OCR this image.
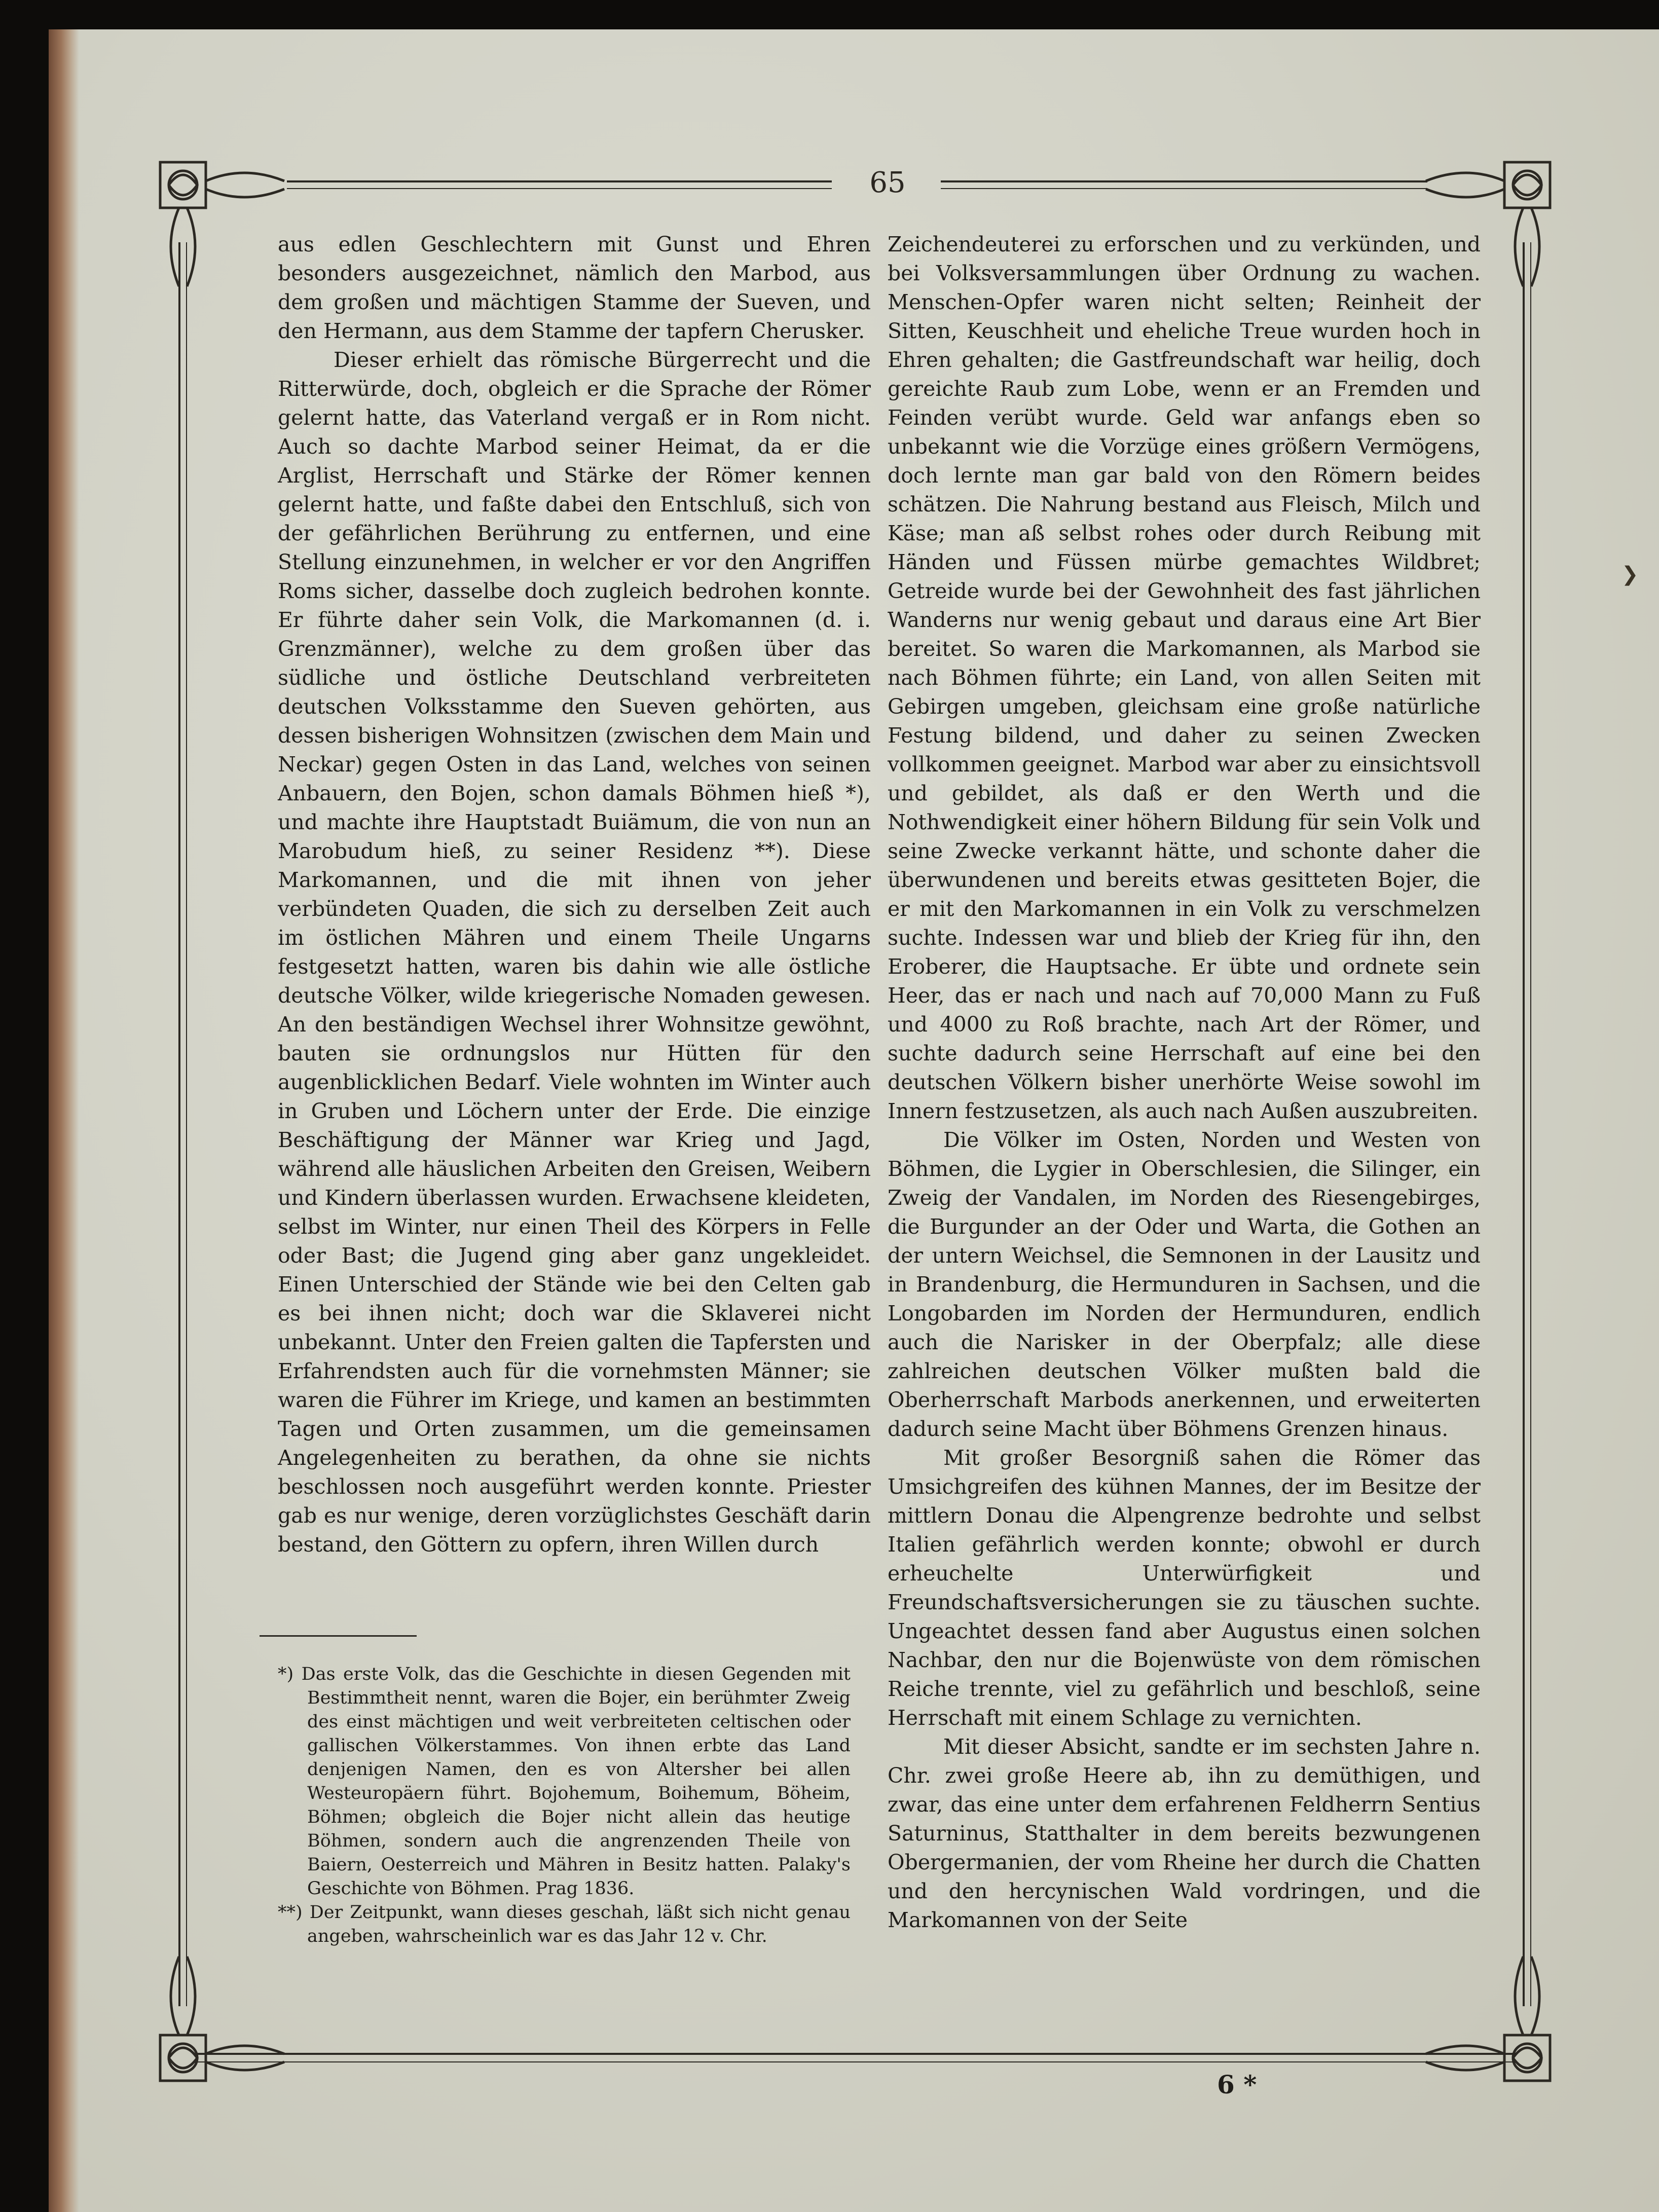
65

aus edlen Geschlechtern mit Gunst und Ehren besonders ausgezeichnet, nämlich den Marbod, aus dem großen und mächtigen Stamme der Sueven, und den Hermann, aus dem Stamme der tapfern Cherusker.

Dieser erhielt das römische Bürgerrecht und die Ritterwürde, doch, obgleich er die Sprache der Römer gelernt hatte, das Vaterland vergaß er in Rom nicht. Auch so dachte Marbod seiner Heimat, da er die Arglist, Herrschaft und Stärke der Römer kennen gelernt hatte, und faßte dabei den Entschluß, sich von der gefährlichen Berührung zu entfernen, und eine Stellung einzunehmen, in welcher er vor den Angriffen Roms sicher, dasselbe doch zugleich bedrohen konnte. Er führte daher sein Volk, die Markomannen (d. i. Grenzmänner), welche zu dem großen über das südliche und östliche Deutschland verbreiteten deutschen Volksstamme den Sueven gehörten, aus dessen bisherigen Wohnsitzen (zwischen dem Main und Neckar) gegen Osten in das Land, welches von seinen Anbauern, den Bojen, schon damals Böhmen hieß *), und machte ihre Hauptstadt Buiämum, die von nun an Marobudum hieß, zu seiner Residenz **). Diese Markomannen, und die mit ihnen von jeher verbündeten Quaden, die sich zu derselben Zeit auch im östlichen Mähren und einem Theile Ungarns festgesetzt hatten, waren bis dahin wie alle östliche deutsche Völker, wilde kriegerische Nomaden gewesen. An den beständigen Wechsel ihrer Wohnsitze gewöhnt, bauten sie ordnungslos nur Hütten für den augenblicklichen Bedarf. Viele wohnten im Winter auch in Gruben und Löchern unter der Erde. Die einzige Beschäftigung der Männer war Krieg und Jagd, während alle häuslichen Arbeiten den Greisen, Weibern und Kindern überlassen wurden. Erwachsene kleideten, selbst im Winter, nur einen Theil des Körpers in Felle oder Bast; die Jugend ging aber ganz ungekleidet. Einen Unterschied der Stände wie bei den Celten gab es bei ihnen nicht; doch war die Sklaverei nicht unbekannt. Unter den Freien galten die Tapfersten und Erfahrendsten auch für die vornehmsten Männer; sie waren die Führer im Kriege, und kamen an bestimmten Tagen und Orten zusammen, um die gemeinsamen Angelegenheiten zu berathen, da ohne sie nichts beschlossen noch ausgeführt werden konnte. Priester gab es nur wenige, deren vorzüglichstes Geschäft darin bestand, den Göttern zu opfern, ihren Willen durch

Zeichendeuterei zu erforschen und zu verkünden, und bei Volksversammlungen über Ordnung zu wachen. Menschen-Opfer waren nicht selten; Reinheit der Sitten, Keuschheit und eheliche Treue wurden hoch in Ehren gehalten; die Gastfreundschaft war heilig, doch gereichte Raub zum Lobe, wenn er an Fremden und Feinden verübt wurde. Geld war anfangs eben so unbekannt wie die Vorzüge eines größern Vermögens, doch lernte man gar bald von den Römern beides schätzen. Die Nahrung bestand aus Fleisch, Milch und Käse; man aß selbst rohes oder durch Reibung mit Händen und Füssen mürbe gemachtes Wildbret; Getreide wurde bei der Gewohnheit des fast jährlichen Wanderns nur wenig gebaut und daraus eine Art Bier bereitet. So waren die Markomannen, als Marbod sie nach Böhmen führte; ein Land, von allen Seiten mit Gebirgen umgeben, gleichsam eine große natürliche Festung bildend, und daher zu seinen Zwecken vollkommen geeignet. Marbod war aber zu einsichtsvoll und gebildet, als daß er den Werth und die Nothwendigkeit einer höhern Bildung für sein Volk und seine Zwecke verkannt hätte, und schonte daher die überwundenen und bereits etwas gesitteten Bojer, die er mit den Markomannen in ein Volk zu verschmelzen suchte. Indessen war und blieb der Krieg für ihn, den Eroberer, die Hauptsache. Er übte und ordnete sein Heer, das er nach und nach auf 70,000 Mann zu Fuß und 4000 zu Roß brachte, nach Art der Römer, und suchte dadurch seine Herrschaft auf eine bei den deutschen Völkern bisher unerhörte Weise sowohl im Innern festzusetzen, als auch nach Außen auszubreiten.

Die Völker im Osten, Norden und Westen von Böhmen, die Lygier in Oberschlesien, die Silinger, ein Zweig der Vandalen, im Norden des Riesengebirges, die Burgunder an der Oder und Warta, die Gothen an der untern Weichsel, die Semnonen in der Lausitz und in Brandenburg, die Hermunduren in Sachsen, und die Longobarden im Norden der Hermunduren, endlich auch die Narisker in der Oberpfalz; alle diese zahlreichen deutschen Völker mußten bald die Oberherrschaft Marbods anerkennen, und erweiterten dadurch seine Macht über Böhmens Grenzen hinaus.

Mit großer Besorgniß sahen die Römer das Umsichgreifen des kühnen Mannes, der im Besitze der mittlern Donau die Alpengrenze bedrohte und selbst Italien gefährlich werden konnte; obwohl er durch erheuchelte Unterwürfigkeit und Freundschaftsversicherungen sie zu täuschen suchte. Ungeachtet dessen fand aber Augustus einen solchen Nachbar, den nur die Bojenwüste von dem römischen Reiche trennte, viel zu gefährlich und beschloß, seine Herrschaft mit einem Schlage zu vernichten.

Mit dieser Absicht, sandte er im sechsten Jahre n. Chr. zwei große Heere ab, ihn zu demüthigen, und zwar, das eine unter dem erfahrenen Feldherrn Sentius Saturninus, Statthalter in dem bereits bezwungenen Obergermanien, der vom Rheine her durch die Chatten und den hercynischen Wald vordringen, und die Markomannen von der Seite

*) Das erste Volk, das die Geschichte in diesen Gegenden mit Bestimmtheit nennt, waren die Bojer, ein berühmter Zweig des einst mächtigen und weit verbreiteten celtischen oder gallischen Völkerstammes. Von ihnen erbte das Land denjenigen Namen, den es von Altersher bei allen Westeuropäern führt. Bojohemum, Boihemum, Böheim, Böhmen; obgleich die Bojer nicht allein das heutige Böhmen, sondern auch die angrenzenden Theile von Baiern, Oesterreich und Mähren in Besitz hatten. Palaky's Geschichte von Böhmen. Prag 1836.

**) Der Zeitpunkt, wann dieses geschah, läßt sich nicht genau angeben, wahrscheinlich war es das Jahr 12 v. Chr.

6 *
❯
